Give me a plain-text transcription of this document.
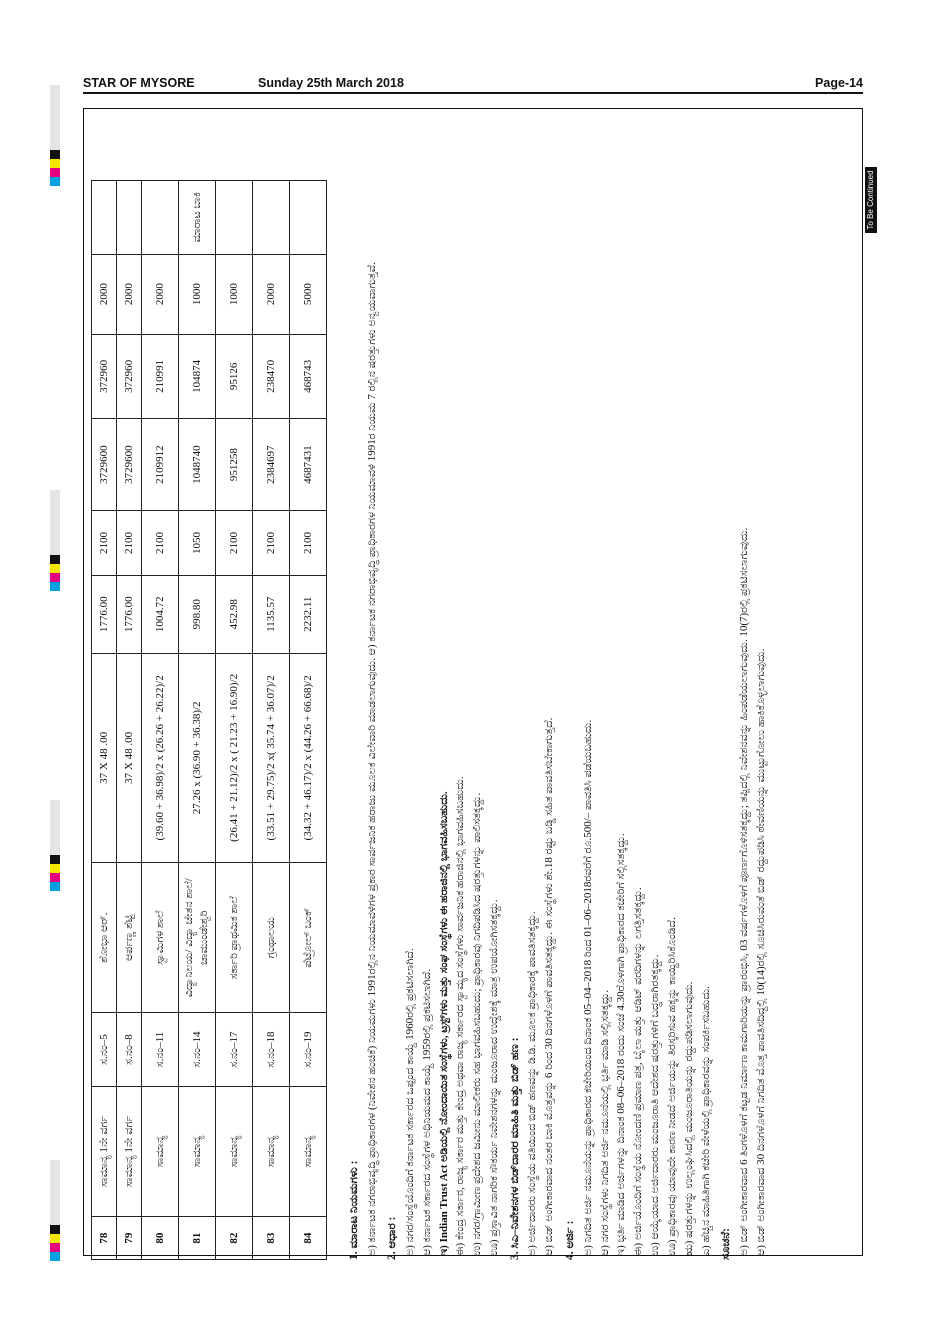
STAR OF MYSORE	Sunday 25th March 2018	Page-14
78	ಸಾಮಾನ್ಯ 1ನೇ ವರ್ಗ	ಸ.ನಂ–5	ಶೋಭಾ ಆರ್.	37 X 48 .00	1776.00	2100	3729600	372960	2000	
79	ಸಾಮಾನ್ಯ 1ನೇ ವರ್ಗ	ಸ.ನಂ–8	ಆರ್ಪಣ್ಣ ಶೆಟ್ಟಿ	37 X 48 .00	1776.00	2100	3729600	372960	2000	
80	ಸಾಮಾನ್ಯ	ಸ.ನಂ–11	ಸ್ವಾಮಿಗಳ ಶಾಲೆ	(39.60 + 36.98)/2 x (26.26 + 26.22)/2	1004.72	2100	2109912	210991	2000	
81	ಸಾಮಾನ್ಯ	ಸ.ನಂ–14	ವಿದ್ಯಾನಿಲಯ/ ವಿದ್ಯಾ ಚೇತನ ಶಾಲೆ/ಚಾಮುಂಡೇಶ್ವರಿ	27.26 x (36.90 + 36.38)/2	998.80	1050	1048740	104874	1000	ಮಾರಾಟ ಬಾಕಿ
82	ಸಾಮಾನ್ಯ	ಸ.ನಂ–17	ಸರ್ಕಾರಿ ಪ್ರಾಥಮಿಕ ಶಾಲೆ	(26.41 + 21.12)/2 x ( 21.23 + 16.90)/2	452.98	2100	951258	95126	1000	
83	ಸಾಮಾನ್ಯ	ಸ.ನಂ–18	ಗ್ರಂಥಾಲಯ	(33.51 + 29.75)/2 x( 35.74 + 36.07)/2	1135.57	2100	2384697	238470	2000	
84	ಸಾಮಾನ್ಯ	ಸ.ನಂ–19	ಪೆಟ್ರೋಲ್ ಬಂಕ್	(34.32 + 46.17)/2 x (44.26 + 66.68)/2	2232.11	2100	4687431	468743	5000	
1. ಮಾರಾಟ ನಿಯಮಗಳು : ಅ) ಕರ್ನಾಟಕ ನಗರಾಭಿವೃದ್ಧಿ ಪ್ರಾಧಿಕಾರಗಳ (ನಿವೇಶನ ಹಂಚಿಕೆ) ನಿಯಮಗಳು 1991ರಲ್ಲಿನ ನಿಯಮಾವಳಿಗಳ ಪ್ರಕಾರ ಸಾರ್ವಜನಿಕ ಹರಾಜು ಮೂಲಕ ವಿಲೇವಾರಿ ಮಾಡಲಾಗುವುದು. ಆ) ಕರ್ನಾಟಕ ನಗರಾಭಿವೃದ್ಧಿ ಪ್ರಾಧಿಕಾರಗಳ ನಿಯಮಾವಳಿ 1991ರ ನಿಯಮ 7 ರಲ್ಲಿನ ಷರತ್ತುಗಳು ಅನ್ವಯವಾಗುತ್ತವೆ. 2. ಆಧಾರ : ಅ) ನಗರ/ಸಂಸ್ಥೆಯೊಂದಿಗೆ ಕರ್ನಾಟಕ ಸರ್ಕಾರದ ಒಪ್ಪಂದ ಕಾಯ್ದೆ 1960ರಲ್ಲಿ ಪ್ರಕಟಿಸಲಾಗಿದೆ. ಆ) ಕರ್ನಾಟಕ ಸರ್ಕಾರದ ಸಂಸ್ಥೆಗಳ ಅಧಿನಿಯಮದ ಕಾಯ್ದೆ 1959ರಲ್ಲಿ ಪ್ರಕಟಿಸಲಾಗಿದೆ. ಇ) Indian Trust Act ಅಡಿಯಲ್ಲಿ ನೋಂದಾಯಿತ ಸಂಸ್ಥೆಗಳು, ಟ್ರಸ್ಟ್‌ಗಳು ಮತ್ತು ಸಂಘ ಸಂಸ್ಥೆಗಳು ಈ ಹರಾಜಿನಲ್ಲಿ ಭಾಗವಹಿಸಬಹುದು. ಈ) ಕೇಂದ್ರ ಸರ್ಕಾರ, ರಾಜ್ಯ ಸರ್ಕಾರ ಮತ್ತು ಕೇಂದ್ರ ಅಥವಾ ರಾಜ್ಯ ಸರ್ಕಾರದ ಸ್ವಾಮ್ಯದ ಸಂಸ್ಥೆಗಳು ಸಾರ್ವಜನಿಕ ಹರಾಜಿನಲ್ಲಿ ಭಾಗವಹಿಸಬಹುದು. ಉ) ನಗರ/ಗ್ರಾಮೀಣ ಪ್ರದೇಶದ ಜಮೀನು ಮಾಲೀಕರು ಸಹ ಭಾಗವಹಿಸಬಹುದು; ಪ್ರಾಧಿಕಾರವು ನಿಗದಿಪಡಿಸಿದ ಷರತ್ತುಗಳನ್ನು ಪಾಲಿಸತಕ್ಕದ್ದು. ಊ) ಪ್ರಸ್ತಾವಿತ ನಾಗರಿಕ ಸೌಕರ್ಯ ನಿವೇಶನಗಳನ್ನು ಮಂಜೂರಾದ ಉದ್ದೇಶಕ್ಕೆ ಮಾತ್ರ ಉಪಯೋಗಿಸತಕ್ಕದ್ದು. 3. ಸಿಎ–ನಿವೇಶನಗಳ ಬಿಡ್‌ದಾರರ ಮಾಹಿತಿ ಮತ್ತು ಬಿಡ್ ಹಣ : ಅ) ಅರ್ಜಿದಾರರು ಸಂಸ್ಥೆಯ ವತಿಯಿಂದ ಬಿಡ್ ಹಣವನ್ನು ಡಿ.ಡಿ. ಮೂಲಕ ಪ್ರಾಧಿಕಾರಕ್ಕೆ ಪಾವತಿಸತಕ್ಕದ್ದು. ಆ) ಬಿಡ್ ಅಂಗೀಕಾರವಾದ ನಂತರ ಬಾಕಿ ಮೊತ್ತವನ್ನು 6 ರಿಂದ 30 ದಿನಗಳೊಳಗೆ ಪಾವತಿಸತಕ್ಕದ್ದು. ಈ ಸಂಸ್ಥೆಗಳು ಶೇ.18 ರಷ್ಟು ಬಡ್ಡಿ ಸಹಿತ ಪಾವತಿಸಬೇಕಾಗುತ್ತದೆ. 4. ಅರ್ಜಿ : ಅ) ನಿಗದಿತ ಅರ್ಜಿ ನಮೂನೆಯನ್ನು ಪ್ರಾಧಿಕಾರದ ಕಚೇರಿಯಿಂದ ದಿನಾಂಕ 05–04–2018 ರಿಂದ 01–06–2018ರವರೆಗೆ ರೂ.500/– ಪಾವತಿಸಿ ಪಡೆಯಬಹುದು. ಆ) ನಗರ ಸಂಸ್ಥೆಗಳು ನಿಗದಿತ ಅರ್ಜಿ ನಮೂನೆಯಲ್ಲಿ ಭರ್ತಿ ಮಾಡಿ ಸಲ್ಲಿಸತಕ್ಕದ್ದು. ಇ) ಭರ್ತಿ ಮಾಡಿದ ಅರ್ಜಿಗಳನ್ನು ದಿನಾಂಕ 08–06–2018 ರಂದು ಸಂಜೆ 4.30ರೊಳಗಾಗಿ ಪ್ರಾಧಿಕಾರದ ಕಚೇರಿಗೆ ಸಲ್ಲಿಸತಕ್ಕದ್ದು. ಈ) ಅರ್ಜಿಯೊಂದಿಗೆ ಸಂಸ್ಥೆಯ ನೋಂದಣಿ ಪ್ರಮಾಣ ಪತ್ರ, ಬೈಲಾ ಮತ್ತು ಆಡಿಟ್ ವರದಿಗಳನ್ನು ಲಗತ್ತಿಸತಕ್ಕದ್ದು. ಉ) ಆಯ್ಕೆಯಾದ ಅರ್ಜಿದಾರರು ಮಂಜೂರಾತಿ ಆದೇಶದ ಷರತ್ತುಗಳಿಗೆ ಬದ್ಧರಾಗಿರತಕ್ಕದ್ದು. ಊ) ಪ್ರಾಧಿಕಾರವು ಯಾವುದೇ ಕಾರಣ ನೀಡದೆ ಅರ್ಜಿಯನ್ನು ತಿರಸ್ಕರಿಸುವ ಹಕ್ಕನ್ನು ಕಾಯ್ದಿರಿಸಿಕೊಂಡಿದೆ. ಋ) ಷರತ್ತುಗಳನ್ನು ಉಲ್ಲಂಘಿಸಿದಲ್ಲಿ ಮಂಜೂರಾತಿಯನ್ನು ರದ್ದುಪಡಿಸಲಾಗುವುದು. ಎ) ಹೆಚ್ಚಿನ ಮಾಹಿತಿಗಾಗಿ ಕಚೇರಿ ವೇಳೆಯಲ್ಲಿ ಪ್ರಾಧಿಕಾರವನ್ನು ಸಂಪರ್ಕಿಸಬಹುದು. ಸೂಚನೆ: ಅ) ಬಿಡ್ ಅಂಗೀಕಾರವಾದ 6 ತಿಂಗಳೊಳಗೆ ಕಟ್ಟಡ ನಿರ್ಮಾಣ ಕಾಮಗಾರಿಯನ್ನು ಪ್ರಾರಂಭಿಸಿ, 03 ವರ್ಷಗಳೊಳಗೆ ಪೂರ್ಣಗೊಳಿಸತಕ್ಕದ್ದು; ತಪ್ಪಿದಲ್ಲಿ ನಿವೇಶನವನ್ನು ಹಿಂಪಡೆಯಲಾಗುವುದು. 10(7)ರಲ್ಲಿ ಪ್ರಕಟಿಸಲಾಗುವುದು. ಆ) ಬಿಡ್ ಅಂಗೀಕಾರವಾದ 30 ದಿನಗಳೊಳಗೆ ನಿಗದಿತ ಮೊತ್ತ ಪಾವತಿಸದಿದ್ದಲ್ಲಿ 10(14)ರಲ್ಲಿ ಸೂಚಿಸಿರುವಂತೆ ಬಿಡ್ ರದ್ದುಪಡಿಸಿ ಠೇವಣಿಯನ್ನು ಮುಟ್ಟುಗೋಲು ಹಾಕಿಕೊಳ್ಳಲಾಗುವುದು.
To Be Continued
